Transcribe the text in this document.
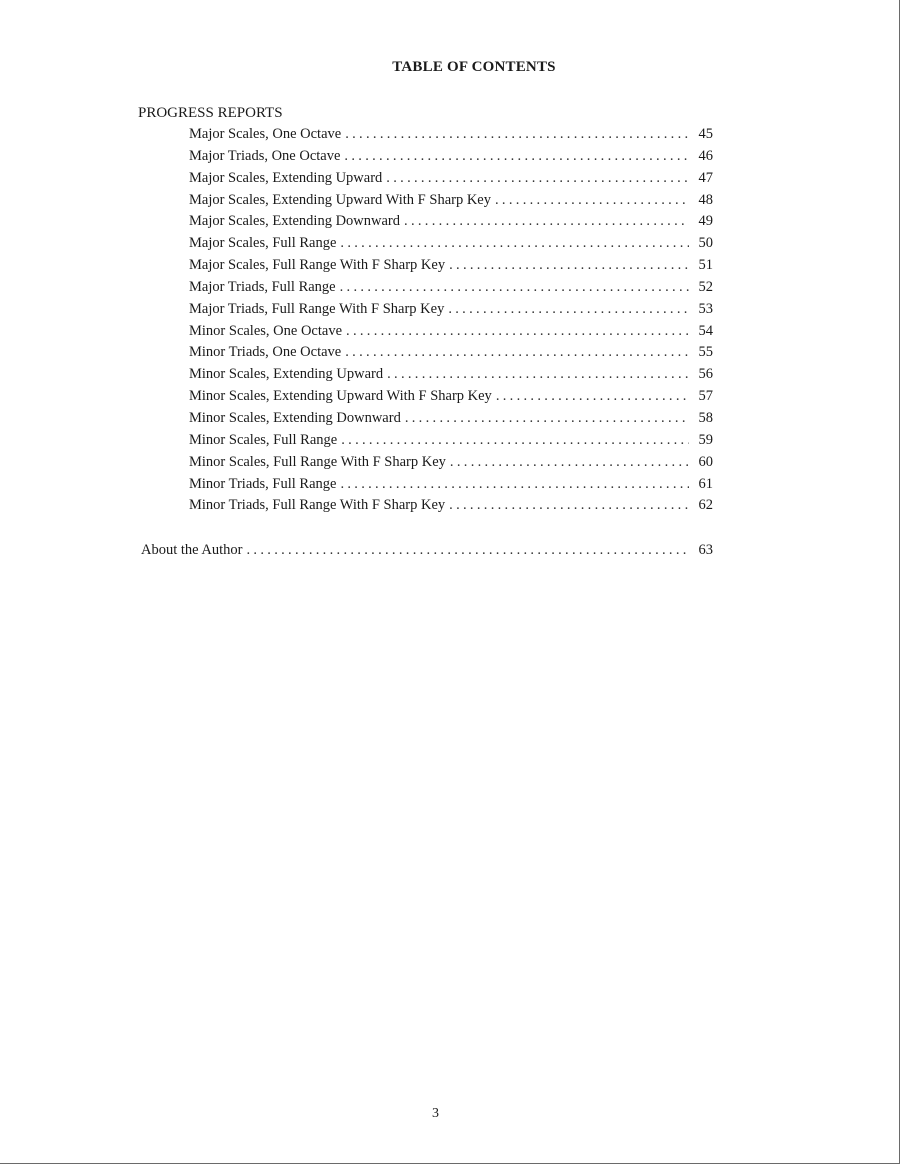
TABLE OF CONTENTS
PROGRESS REPORTS
Major Scales, One Octave .....	45
Major Triads, One Octave .....	46
Major Scales, Extending Upward .....	47
Major Scales, Extending Upward With F Sharp Key .....	48
Major Scales, Extending Downward .....	49
Major Scales, Full Range .....	50
Major Scales, Full Range With F Sharp Key .....	51
Major Triads, Full Range .....	52
Major Triads, Full Range With F Sharp Key .....	53
Minor Scales, One Octave .....	54
Minor Triads, One Octave .....	55
Minor Scales, Extending Upward .....	56
Minor Scales, Extending Upward With F Sharp Key .....	57
Minor Scales, Extending Downward .....	58
Minor Scales, Full Range .....	59
Minor Scales, Full Range With F Sharp Key .....	60
Minor Triads, Full Range .....	61
Minor Triads, Full Range With F Sharp Key .....	62
About the Author .....	63
3
